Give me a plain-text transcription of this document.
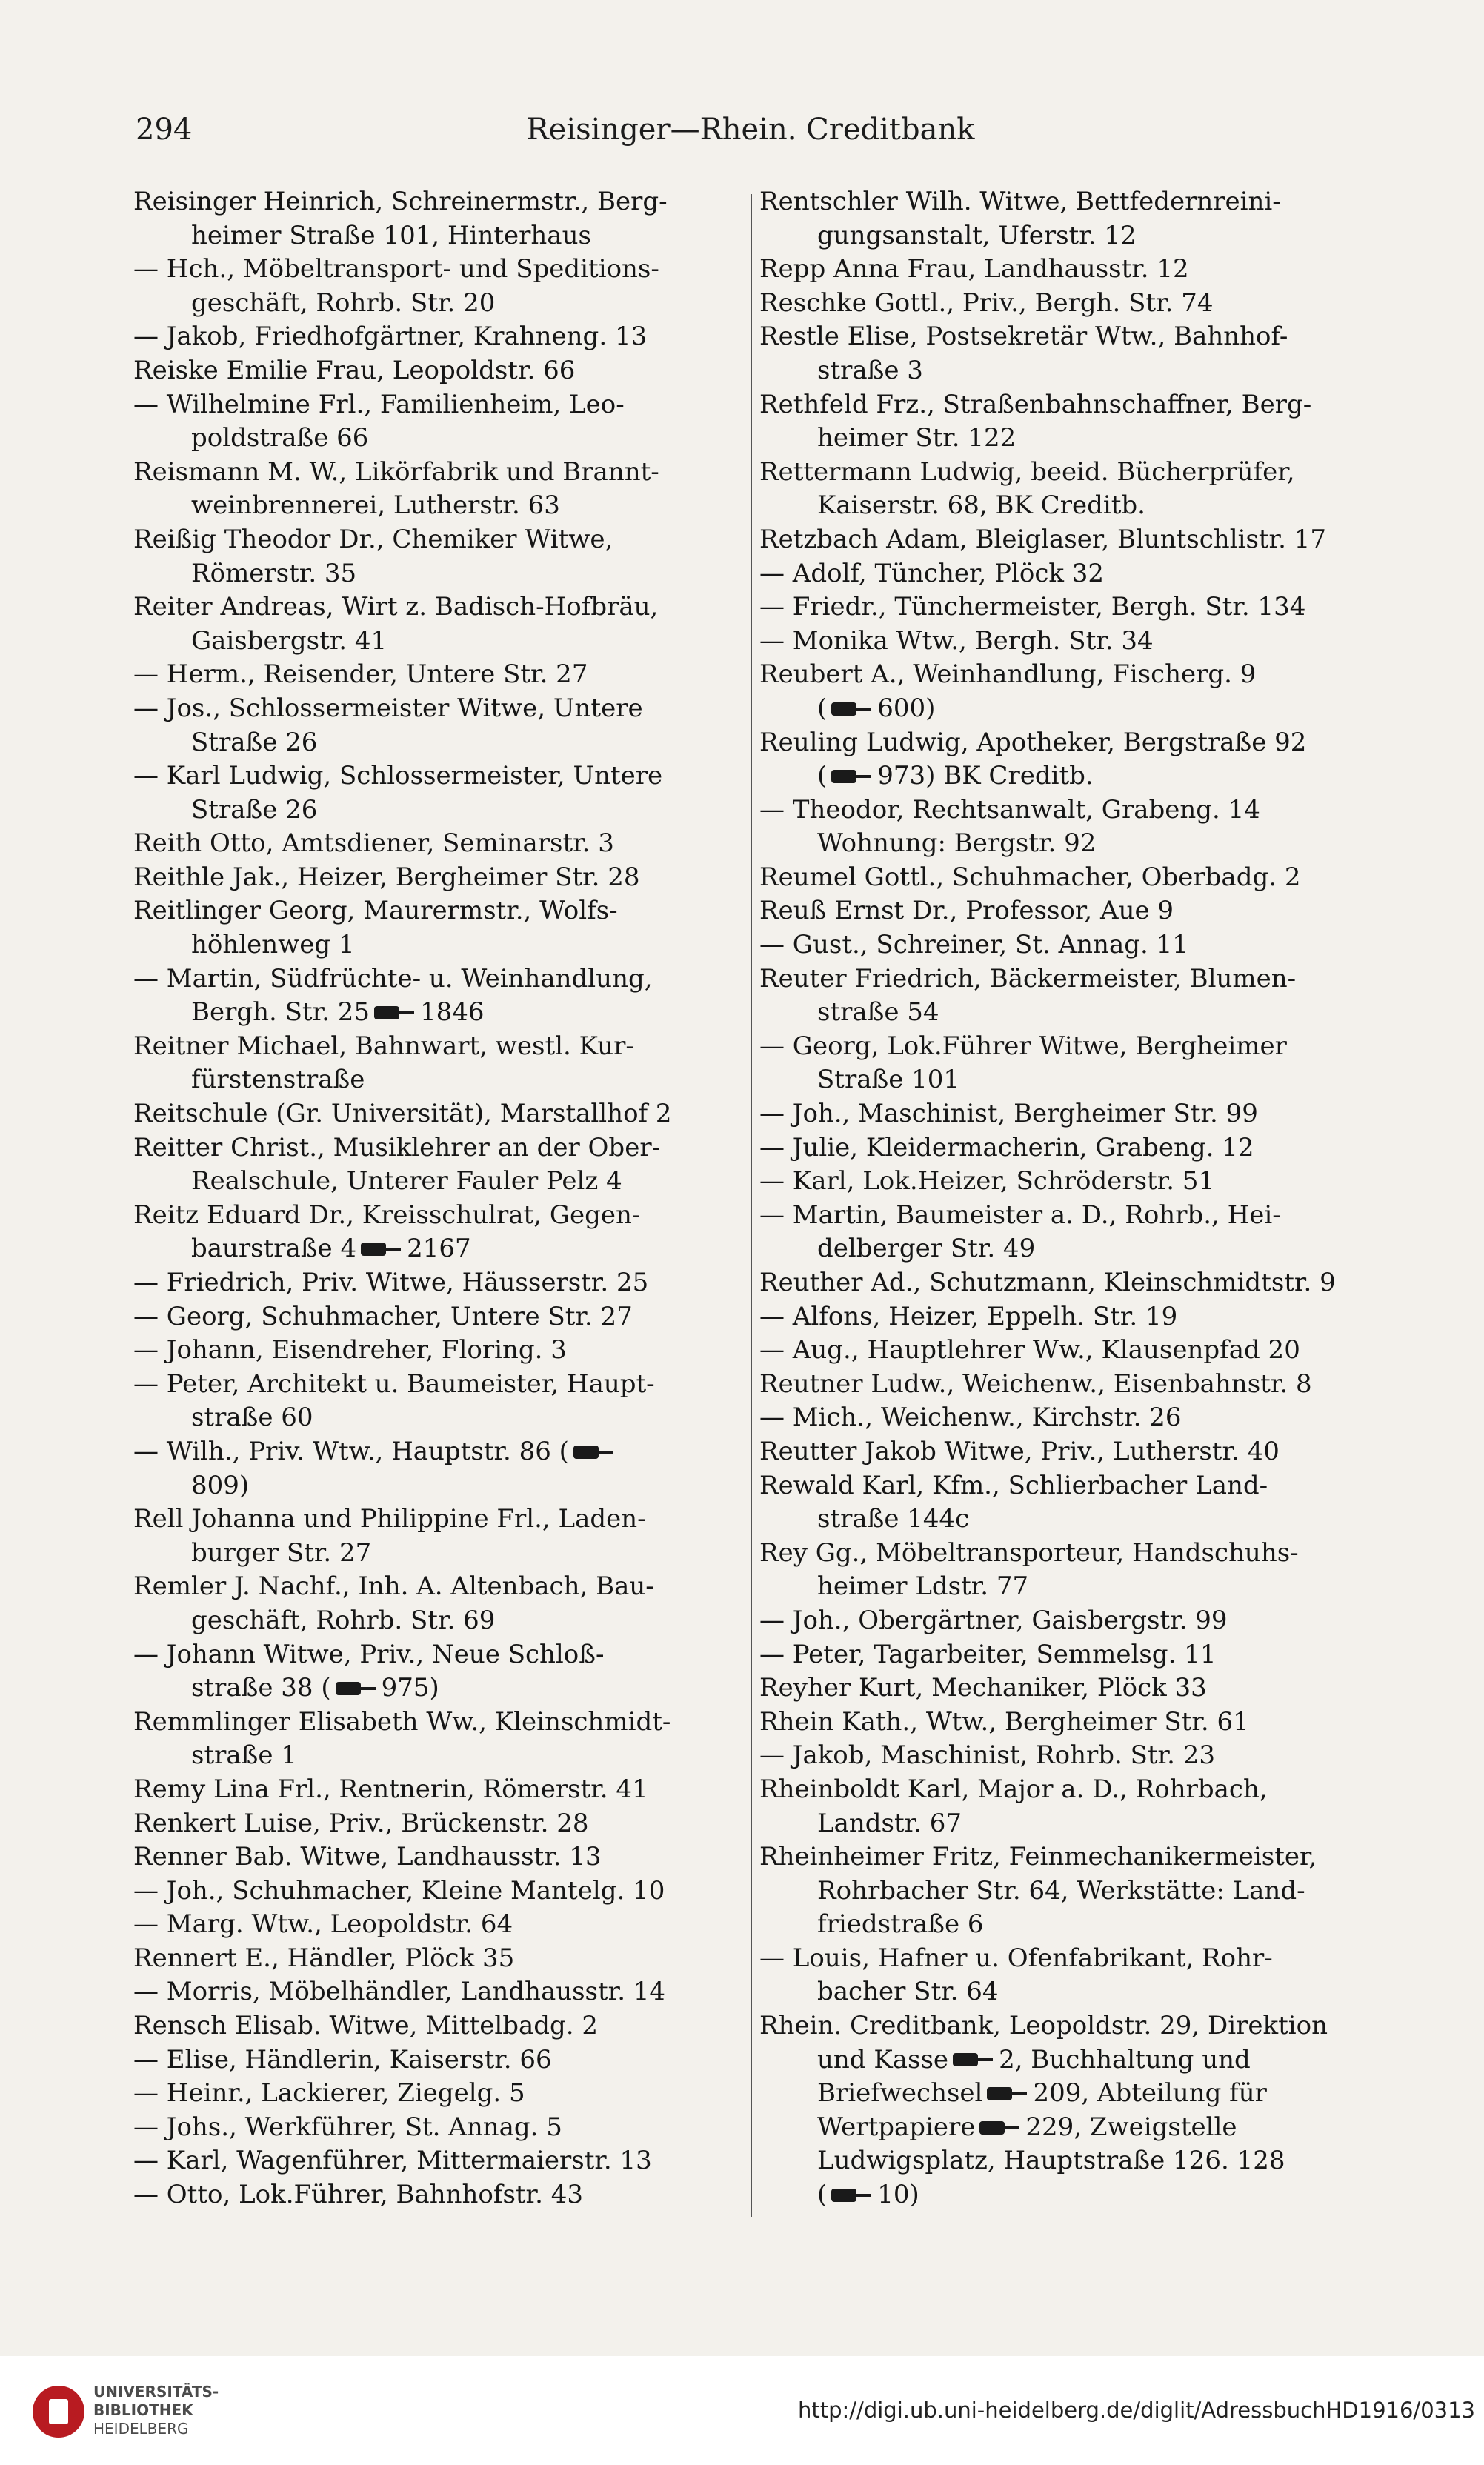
294	Reisinger—Rhein. Creditbank
Reisinger Heinrich, Schreinermstr., Berg-
heimer Straße 101, Hinterhaus
— Hch., Möbeltransport- und Speditions-
geschäft, Rohrb. Str. 20
— Jakob, Friedhofgärtner, Krahneng. 13
Reiske Emilie Frau, Leopoldstr. 66
— Wilhelmine Frl., Familienheim, Leo-
poldstraße 66
Reismann M. W., Likörfabrik und Brannt-
weinbrennerei, Lutherstr. 63
Reißig Theodor Dr., Chemiker Witwe,
Römerstr. 35
Reiter Andreas, Wirt z. Badisch-Hofbräu,
Gaisbergstr. 41
— Herm., Reisender, Untere Str. 27
— Jos., Schlossermeister Witwe, Untere
Straße 26
— Karl Ludwig, Schlossermeister, Untere
Straße 26
Reith Otto, Amtsdiener, Seminarstr. 3
Reithle Jak., Heizer, Bergheimer Str. 28
Reitlinger Georg, Maurermstr., Wolfs-
höhlenweg 1
— Martin, Südfrüchte- u. Weinhandlung,
Bergh. Str. 25 1846
Reitner Michael, Bahnwart, westl. Kur-
fürstenstraße
Reitschule (Gr. Universität), Marstallhof 2
Reitter Christ., Musiklehrer an der Ober-
Realschule, Unterer Fauler Pelz 4
Reitz Eduard Dr., Kreisschulrat, Gegen-
baurstraße 4 2167
— Friedrich, Priv. Witwe, Häusserstr. 25
— Georg, Schuhmacher, Untere Str. 27
— Johann, Eisendreher, Floring. 3
— Peter, Architekt u. Baumeister, Haupt-
straße 60
— Wilh., Priv. Wtw., Hauptstr. 86 (
809)
Rell Johanna und Philippine Frl., Laden-
burger Str. 27
Remler J. Nachf., Inh. A. Altenbach, Bau-
geschäft, Rohrb. Str. 69
— Johann Witwe, Priv., Neue Schloß-
straße 38 ( 975)
Remmlinger Elisabeth Ww., Kleinschmidt-
straße 1
Remy Lina Frl., Rentnerin, Römerstr. 41
Renkert Luise, Priv., Brückenstr. 28
Renner Bab. Witwe, Landhausstr. 13
— Joh., Schuhmacher, Kleine Mantelg. 10
— Marg. Wtw., Leopoldstr. 64
Rennert E., Händler, Plöck 35
— Morris, Möbelhändler, Landhausstr. 14
Rensch Elisab. Witwe, Mittelbadg. 2
— Elise, Händlerin, Kaiserstr. 66
— Heinr., Lackierer, Ziegelg. 5
— Johs., Werkführer, St. Annag. 5
— Karl, Wagenführer, Mittermaierstr. 13
— Otto, Lok.Führer, Bahnhofstr. 43
Rentschler Wilh. Witwe, Bettfedernreini-
gungsanstalt, Uferstr. 12
Repp Anna Frau, Landhausstr. 12
Reschke Gottl., Priv., Bergh. Str. 74
Restle Elise, Postsekretär Wtw., Bahnhof-
straße 3
Rethfeld Frz., Straßenbahnschaffner, Berg-
heimer Str. 122
Rettermann Ludwig, beeid. Bücherprüfer,
Kaiserstr. 68, BK Creditb.
Retzbach Adam, Bleiglaser, Bluntschlistr. 17
— Adolf, Tüncher, Plöck 32
— Friedr., Tünchermeister, Bergh. Str. 134
— Monika Wtw., Bergh. Str. 34
Reubert A., Weinhandlung, Fischerg. 9
( 600)
Reuling Ludwig, Apotheker, Bergstraße 92
( 973) BK Creditb.
— Theodor, Rechtsanwalt, Grabeng. 14
Wohnung: Bergstr. 92
Reumel Gottl., Schuhmacher, Oberbadg. 2
Reuß Ernst Dr., Professor, Aue 9
— Gust., Schreiner, St. Annag. 11
Reuter Friedrich, Bäckermeister, Blumen-
straße 54
— Georg, Lok.Führer Witwe, Bergheimer
Straße 101
— Joh., Maschinist, Bergheimer Str. 99
— Julie, Kleidermacherin, Grabeng. 12
— Karl, Lok.Heizer, Schröderstr. 51
— Martin, Baumeister a. D., Rohrb., Hei-
delberger Str. 49
Reuther Ad., Schutzmann, Kleinschmidtstr. 9
— Alfons, Heizer, Eppelh. Str. 19
— Aug., Hauptlehrer Ww., Klausenpfad 20
Reutner Ludw., Weichenw., Eisenbahnstr. 8
— Mich., Weichenw., Kirchstr. 26
Reutter Jakob Witwe, Priv., Lutherstr. 40
Rewald Karl, Kfm., Schlierbacher Land-
straße 144c
Rey Gg., Möbeltransporteur, Handschuhs-
heimer Ldstr. 77
— Joh., Obergärtner, Gaisbergstr. 99
— Peter, Tagarbeiter, Semmelsg. 11
Reyher Kurt, Mechaniker, Plöck 33
Rhein Kath., Wtw., Bergheimer Str. 61
— Jakob, Maschinist, Rohrb. Str. 23
Rheinboldt Karl, Major a. D., Rohrbach,
Landstr. 67
Rheinheimer Fritz, Feinmechanikermeister,
Rohrbacher Str. 64, Werkstätte: Land-
friedstraße 6
— Louis, Hafner u. Ofenfabrikant, Rohr-
bacher Str. 64
Rhein. Creditbank, Leopoldstr. 29, Direktion
und Kasse 2, Buchhaltung und
Briefwechsel 209, Abteilung für
Wertpapiere 229, Zweigstelle
Ludwigsplatz, Hauptstraße 126. 128
( 10)
UNIVERSITÄTS-
BIBLIOTHEK
HEIDELBERG
http://digi.ub.uni-heidelberg.de/diglit/AdressbuchHD1916/0313
